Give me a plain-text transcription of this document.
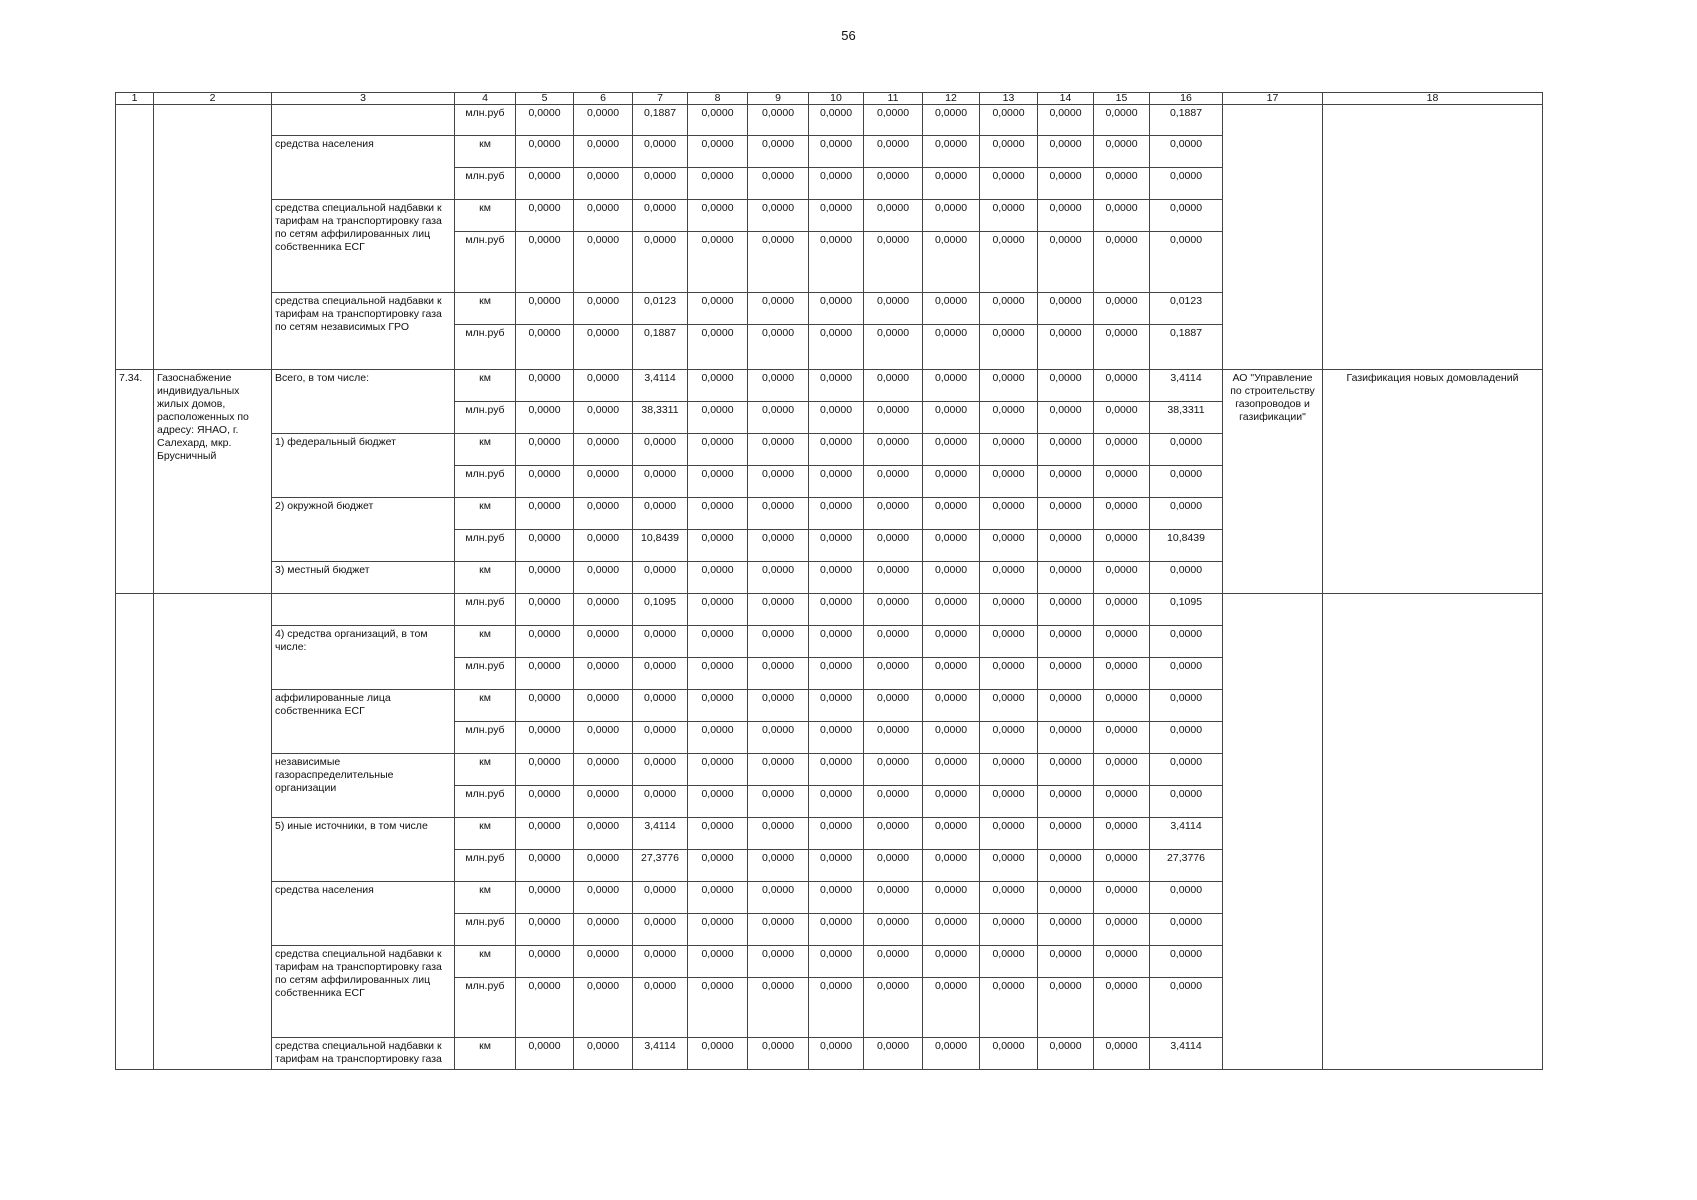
56
1	2	3	4	5	6	7	8	9	10	11	12	13	14	15	16	17	18
			млн.руб	0,0000	0,0000	0,1887	0,0000	0,0000	0,0000	0,0000	0,0000	0,0000	0,0000	0,0000	0,1887		
		средства населения	км	0,0000	0,0000	0,0000	0,0000	0,0000	0,0000	0,0000	0,0000	0,0000	0,0000	0,0000	0,0000		
			млн.руб	0,0000	0,0000	0,0000	0,0000	0,0000	0,0000	0,0000	0,0000	0,0000	0,0000	0,0000	0,0000		
		средства специальной надбавки к тарифам на транспортировку газа по сетям аффилированных лиц собственника ЕСГ	км	0,0000	0,0000	0,0000	0,0000	0,0000	0,0000	0,0000	0,0000	0,0000	0,0000	0,0000	0,0000		
			млн.руб	0,0000	0,0000	0,0000	0,0000	0,0000	0,0000	0,0000	0,0000	0,0000	0,0000	0,0000	0,0000		
		средства специальной надбавки к тарифам на транспортировку газа по сетям независимых ГРО	км	0,0000	0,0000	0,0123	0,0000	0,0000	0,0000	0,0000	0,0000	0,0000	0,0000	0,0000	0,0123		
			млн.руб	0,0000	0,0000	0,1887	0,0000	0,0000	0,0000	0,0000	0,0000	0,0000	0,0000	0,0000	0,1887		
7.34.	Газоснабжение индивидуальных жилых домов, расположенных по адресу: ЯНАО, г. Салехард, мкр. Брусничный	Всего, в том числе:	км	0,0000	0,0000	3,4114	0,0000	0,0000	0,0000	0,0000	0,0000	0,0000	0,0000	0,0000	3,4114	АО "Управление по строительству газопроводов и газификации"	Газификация новых домовладений
			млн.руб	0,0000	0,0000	38,3311	0,0000	0,0000	0,0000	0,0000	0,0000	0,0000	0,0000	0,0000	38,3311		
		1) федеральный бюджет	км	0,0000	0,0000	0,0000	0,0000	0,0000	0,0000	0,0000	0,0000	0,0000	0,0000	0,0000	0,0000		
			млн.руб	0,0000	0,0000	0,0000	0,0000	0,0000	0,0000	0,0000	0,0000	0,0000	0,0000	0,0000	0,0000		
		2) окружной бюджет	км	0,0000	0,0000	0,0000	0,0000	0,0000	0,0000	0,0000	0,0000	0,0000	0,0000	0,0000	0,0000		
			млн.руб	0,0000	0,0000	10,8439	0,0000	0,0000	0,0000	0,0000	0,0000	0,0000	0,0000	0,0000	10,8439		
		3) местный бюджет	км	0,0000	0,0000	0,0000	0,0000	0,0000	0,0000	0,0000	0,0000	0,0000	0,0000	0,0000	0,0000		
			млн.руб	0,0000	0,0000	0,1095	0,0000	0,0000	0,0000	0,0000	0,0000	0,0000	0,0000	0,0000	0,1095		
		4) средства организаций, в том числе:	км	0,0000	0,0000	0,0000	0,0000	0,0000	0,0000	0,0000	0,0000	0,0000	0,0000	0,0000	0,0000		
			млн.руб	0,0000	0,0000	0,0000	0,0000	0,0000	0,0000	0,0000	0,0000	0,0000	0,0000	0,0000	0,0000		
		аффилированные лица собственника ЕСГ	км	0,0000	0,0000	0,0000	0,0000	0,0000	0,0000	0,0000	0,0000	0,0000	0,0000	0,0000	0,0000		
			млн.руб	0,0000	0,0000	0,0000	0,0000	0,0000	0,0000	0,0000	0,0000	0,0000	0,0000	0,0000	0,0000		
		независимые газораспределительные организации	км	0,0000	0,0000	0,0000	0,0000	0,0000	0,0000	0,0000	0,0000	0,0000	0,0000	0,0000	0,0000		
			млн.руб	0,0000	0,0000	0,0000	0,0000	0,0000	0,0000	0,0000	0,0000	0,0000	0,0000	0,0000	0,0000		
		5) иные источники, в том числе	км	0,0000	0,0000	3,4114	0,0000	0,0000	0,0000	0,0000	0,0000	0,0000	0,0000	0,0000	3,4114		
			млн.руб	0,0000	0,0000	27,3776	0,0000	0,0000	0,0000	0,0000	0,0000	0,0000	0,0000	0,0000	27,3776		
		средства населения	км	0,0000	0,0000	0,0000	0,0000	0,0000	0,0000	0,0000	0,0000	0,0000	0,0000	0,0000	0,0000		
			млн.руб	0,0000	0,0000	0,0000	0,0000	0,0000	0,0000	0,0000	0,0000	0,0000	0,0000	0,0000	0,0000		
		средства специальной надбавки к тарифам на транспортировку газа по сетям аффилированных лиц собственника ЕСГ	км	0,0000	0,0000	0,0000	0,0000	0,0000	0,0000	0,0000	0,0000	0,0000	0,0000	0,0000	0,0000		
			млн.руб	0,0000	0,0000	0,0000	0,0000	0,0000	0,0000	0,0000	0,0000	0,0000	0,0000	0,0000	0,0000		
		средства специальной надбавки к тарифам на транспортировку газа	км	0,0000	0,0000	3,4114	0,0000	0,0000	0,0000	0,0000	0,0000	0,0000	0,0000	0,0000	3,4114		
